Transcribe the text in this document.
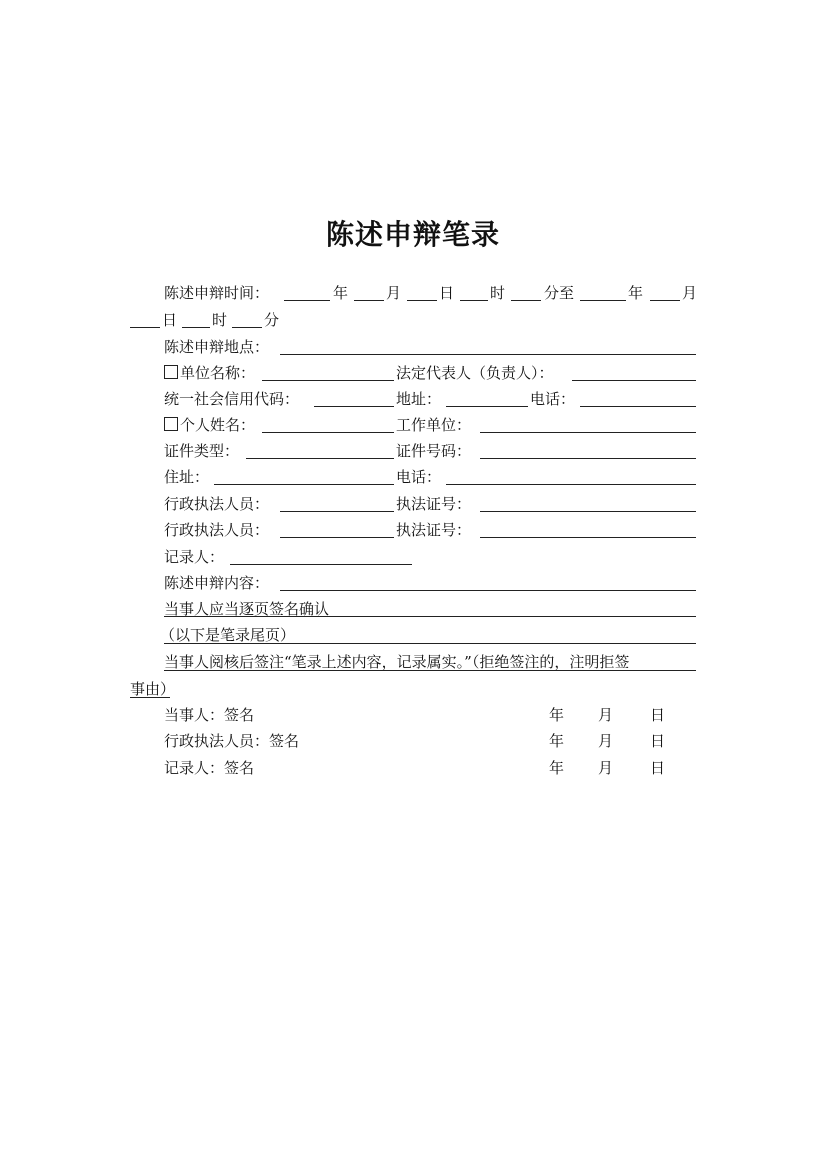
陈述申辩笔录
陈述申辩时间：	年	月	日 时	分至	年	月
日 时 分
陈述申辩地点：
单位名称：	法定代表人（负责人）：
统一社会信用代码：	地址：	电话：
个人姓名：	工作单位：
证件类型：	证件号码：
住址：	电话：
行政执法人员：	执法证号：
行政执法人员：	执法证号：
记录人：
陈述申辩内容：
当事人应当逐页签名确认
（以下是笔录尾页）
当事人阅核后签注“笔录上述内容，记录属实。”（拒绝签注的，注明拒签
事由）
当事人：签名	年 月 日
行政执法人员：签名	年 月 日
记录人：签名	年 月 日
